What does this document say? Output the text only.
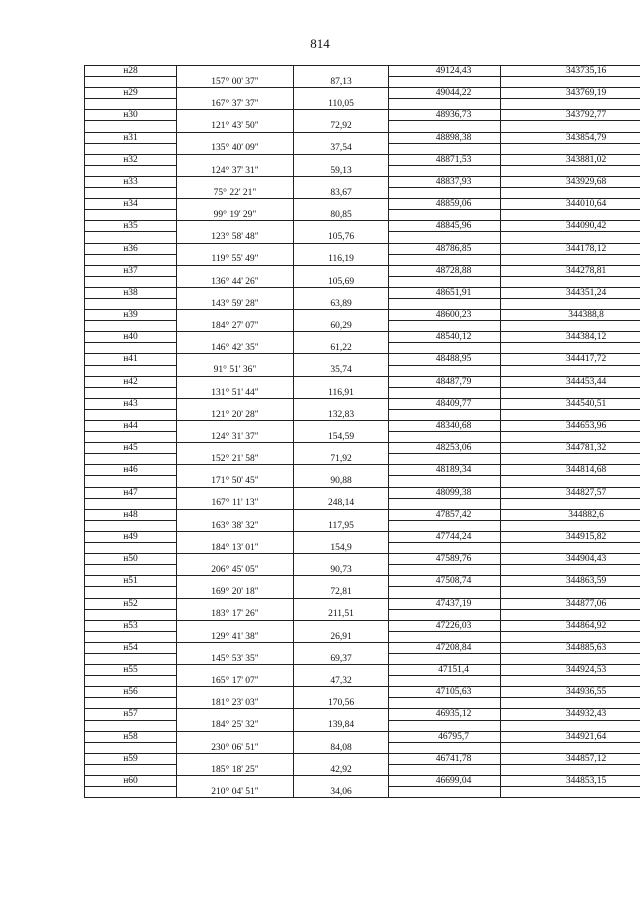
814
н28			49124,43	343735,16
	157° 00' 37"	87,13		
н29			49044,22	343769,19
	167° 37' 37"	110,05		
н30			48936,73	343792,77
	121° 43' 50"	72,92		
н31			48898,38	343854,79
	135° 40' 09"	37,54		
н32			48871,53	343881,02
	124° 37' 31"	59,13		
н33			48837,93	343929,68
	75° 22' 21"	83,67		
н34			48859,06	344010,64
	99° 19' 29"	80,85		
н35			48845,96	344090,42
	123° 58' 48"	105,76		
н36			48786,85	344178,12
	119° 55' 49"	116,19		
н37			48728,88	344278,81
	136° 44' 26"	105,69		
н38			48651,91	344351,24
	143° 59' 28"	63,89		
н39			48600,23	344388,8
	184° 27' 07"	60,29		
н40			48540,12	344384,12
	146° 42' 35"	61,22		
н41			48488,95	344417,72
	91° 51' 36"	35,74		
н42			48487,79	344453,44
	131° 51' 44"	116,91		
н43			48409,77	344540,51
	121° 20' 28"	132,83		
н44			48340,68	344653,96
	124° 31' 37"	154,59		
н45			48253,06	344781,32
	152° 21' 58"	71,92		
н46			48189,34	344814,68
	171° 50' 45"	90,88		
н47			48099,38	344827,57
	167° 11' 13"	248,14		
н48			47857,42	344882,6
	163° 38' 32"	117,95		
н49			47744,24	344915,82
	184° 13' 01"	154,9		
н50			47589,76	344904,43
	206° 45' 05"	90,73		
н51			47508,74	344863,59
	169° 20' 18"	72,81		
н52			47437,19	344877,06
	183° 17' 26"	211,51		
н53			47226,03	344864,92
	129° 41' 38"	26,91		
н54			47208,84	344885,63
	145° 53' 35"	69,37		
н55			47151,4	344924,53
	165° 17' 07"	47,32		
н56			47105,63	344936,55
	181° 23' 03"	170,56		
н57			46935,12	344932,43
	184° 25' 32"	139,84		
н58			46795,7	344921,64
	230° 06' 51"	84,08		
н59			46741,78	344857,12
	185° 18' 25"	42,92		
н60			46699,04	344853,15
	210° 04' 51"	34,06		
